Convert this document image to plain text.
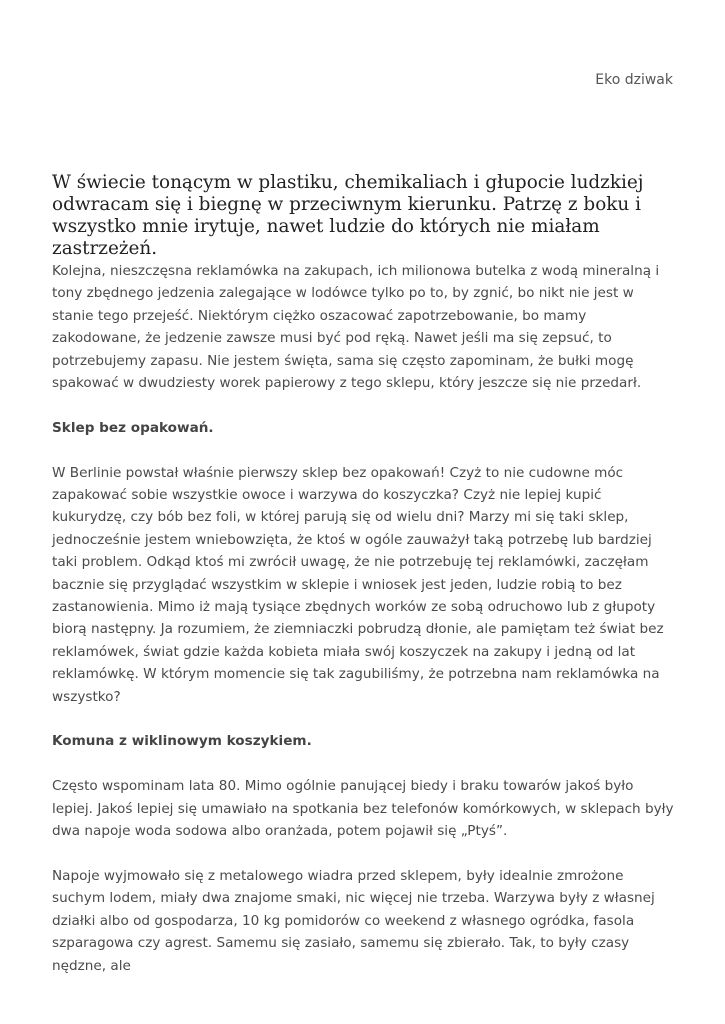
Eko dziwak
W świecie tonącym w plastiku, chemikaliach i głupocie ludzkiej odwracam się i biegnę w przeciwnym kierunku. Patrzę z boku i wszystko mnie irytuje, nawet ludzie do których nie miałam zastrzeżeń.

Kolejna, nieszczęsna reklamówka na zakupach, ich milionowa butelka z wodą mineralną i tony zbędnego jedzenia zalegające w lodówce tylko po to, by zgnić, bo nikt nie jest w stanie tego przejeść. Niektórym ciężko oszacować zapotrzebowanie, bo mamy zakodowane, że jedzenie zawsze musi być pod ręką. Nawet jeśli ma się zepsuć, to potrzebujemy zapasu. Nie jestem święta, sama się często zapominam, że bułki mogę spakować w dwudziesty worek papierowy z tego sklepu, który jeszcze się nie przedarł.

Sklep bez opakowań.

W Berlinie powstał właśnie pierwszy sklep bez opakowań! Czyż to nie cudowne móc zapakować sobie wszystkie owoce i warzywa do koszyczka? Czyż nie lepiej kupić kukurydzę, czy bób bez foli, w której parują się od wielu dni? Marzy mi się taki sklep, jednocześnie jestem wniebowzięta, że ktoś w ogóle zauważył taką potrzebę lub bardziej taki problem. Odkąd ktoś mi zwrócił uwagę, że nie potrzebuję tej reklamówki, zaczęłam bacznie się przyglądać wszystkim w sklepie i wniosek jest jeden, ludzie robią to bez zastanowienia. Mimo iż mają tysiące zbędnych worków ze sobą odruchowo lub z głupoty biorą następny. Ja rozumiem, że ziemniaczki pobrudzą dłonie, ale pamiętam też świat bez reklamówek, świat gdzie każda kobieta miała swój koszyczek na zakupy i jedną od lat reklamówkę. W którym momencie się tak zagubiliśmy, że potrzebna nam reklamówka na wszystko?

Komuna z wiklinowym koszykiem.

Często wspominam lata 80. Mimo ogólnie panującej biedy i braku towarów jakoś było lepiej. Jakoś lepiej się umawiało na spotkania bez telefonów komórkowych, w sklepach były dwa napoje woda sodowa albo oranżada, potem pojawił się „Ptyś”.

Napoje wyjmowało się z metalowego wiadra przed sklepem, były idealnie zmrożone suchym lodem, miały dwa znajome smaki, nic więcej nie trzeba. Warzywa były z własnej działki albo od gospodarza, 10 kg pomidorów co weekend z własnego ogródka, fasola szparagowa czy agrest. Samemu się zasiało, samemu się zbierało. Tak, to były czasy nędzne, ale
